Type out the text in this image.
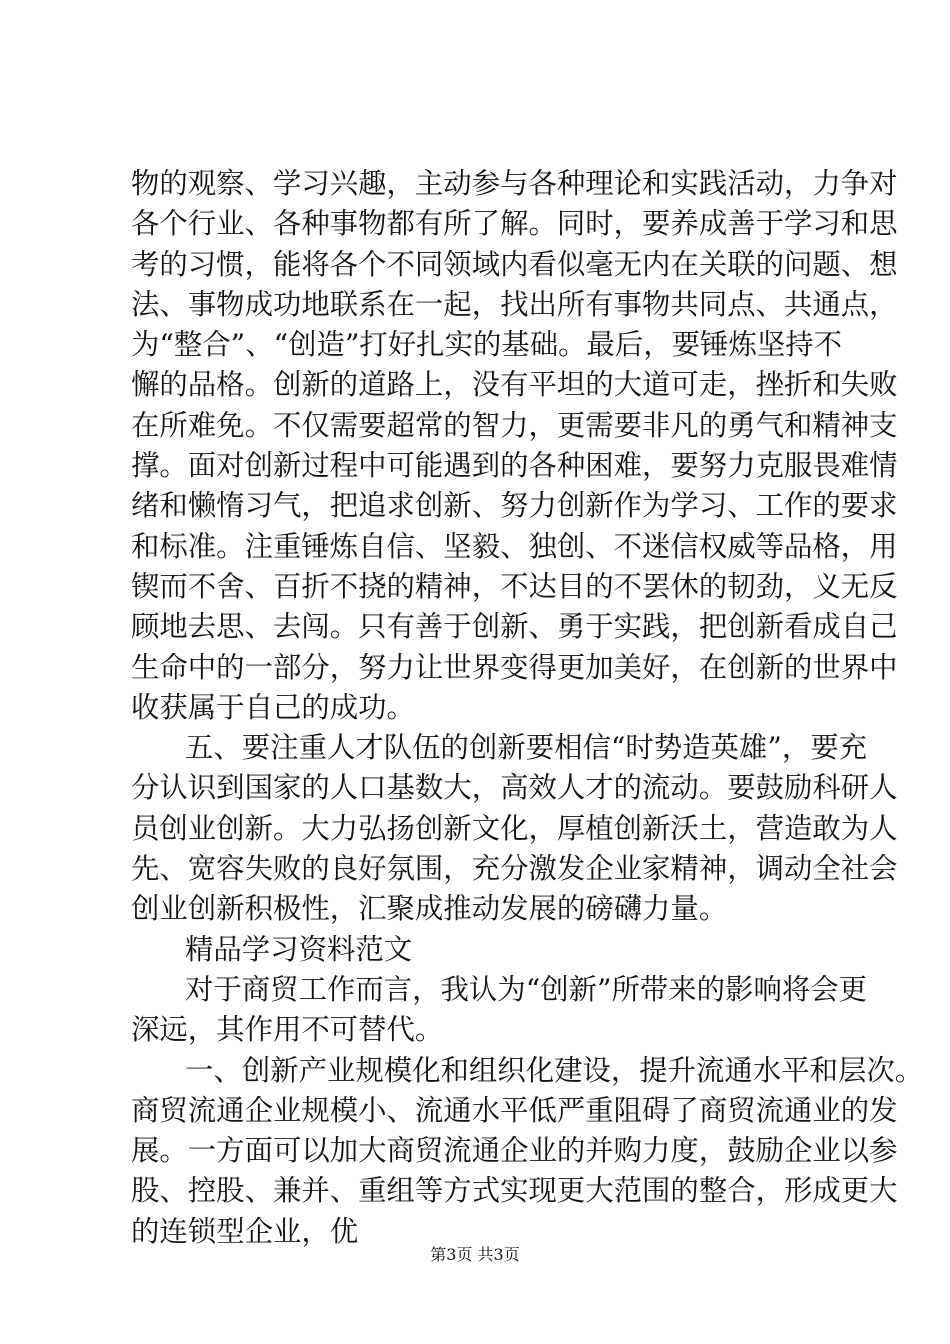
物的观察、学习兴趣，主动参与各种理论和实践活动，力争对
各个行业、各种事物都有所了解。同时，要养成善于学习和思
考的习惯，能将各个不同领域内看似毫无内在关联的问题、想
法、事物成功地联系在一起，找出所有事物共同点、共通点，
为“整合”、“创造”打好扎实的基础。最后，要锤炼坚持不
懈的品格。创新的道路上，没有平坦的大道可走，挫折和失败
在所难免。不仅需要超常的智力，更需要非凡的勇气和精神支
撑。面对创新过程中可能遇到的各种困难，要努力克服畏难情
绪和懒惰习气，把追求创新、努力创新作为学习、工作的要求
和标准。注重锤炼自信、坚毅、独创、不迷信权威等品格，用
锲而不舍、百折不挠的精神，不达目的不罢休的韧劲，义无反
顾地去思、去闯。只有善于创新、勇于实践，把创新看成自己
生命中的一部分，努力让世界变得更加美好，在创新的世界中
收获属于自己的成功。
五、要注重人才队伍的创新要相信“时势造英雄”，要充
分认识到国家的人口基数大，高效人才的流动。要鼓励科研人
员创业创新。大力弘扬创新文化，厚植创新沃土，营造敢为人
先、宽容失败的良好氛围，充分激发企业家精神，调动全社会
创业创新积极性，汇聚成推动发展的磅礴力量。
精品学习资料范文
对于商贸工作而言，我认为“创新”所带来的影响将会更
深远，其作用不可替代。
一、创新产业规模化和组织化建设，提升流通水平和层次。
商贸流通企业规模小、流通水平低严重阻碍了商贸流通业的发
展。一方面可以加大商贸流通企业的并购力度，鼓励企业以参
股、控股、兼并、重组等方式实现更大范围的整合，形成更大
的连锁型企业，优
第3页 共3页
